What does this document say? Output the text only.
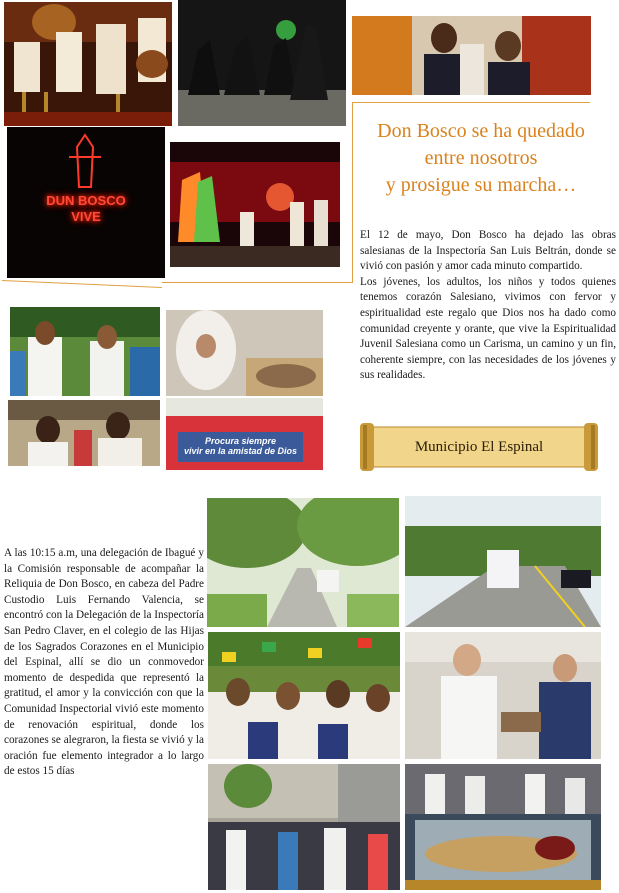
DUN BOSCO
VIVE
Don Bosco se ha quedado
entre nosotros
y prosigue su marcha…

El 12 de mayo, Don Bosco ha dejado las obras salesianas de la Inspectoría San Luis Beltrán, donde se vivió con pasión y amor cada minuto compartido.

Los jóvenes, los adultos, los niños y todos quienes tenemos corazón Salesiano, vivimos con fervor y espiritualidad este regalo que Dios nos ha dado como comunidad creyente y orante, que vive la Espiritualidad Juvenil Salesiana como un Carisma, un camino y un fin, coherente siempre, con las necesidades de los jóvenes y sus realidades.

Procura siempre
vivir en la amistad de Dios	Municipio El Espinal

A las 10:15 a.m, una delegación de Ibagué y la Comisión responsable de acompañar la Reliquia de Don Bosco, en cabeza del Padre Custodio Luis Fernando Valencia, se encontró con la Delegación de la Inspectoría San Pedro Claver, en el colegio de las Hijas de los Sagrados Corazones en el Municipio del Espinal, allí se dio un conmovedor momento de despedida que representó la gratitud, el amor y la convicción con que la Comunidad Inspectorial vivió este momento de renovación espiritual, donde los corazones se alegraron, la fiesta se vivió y la oración fue elemento integrador a lo largo de estos 15 días
